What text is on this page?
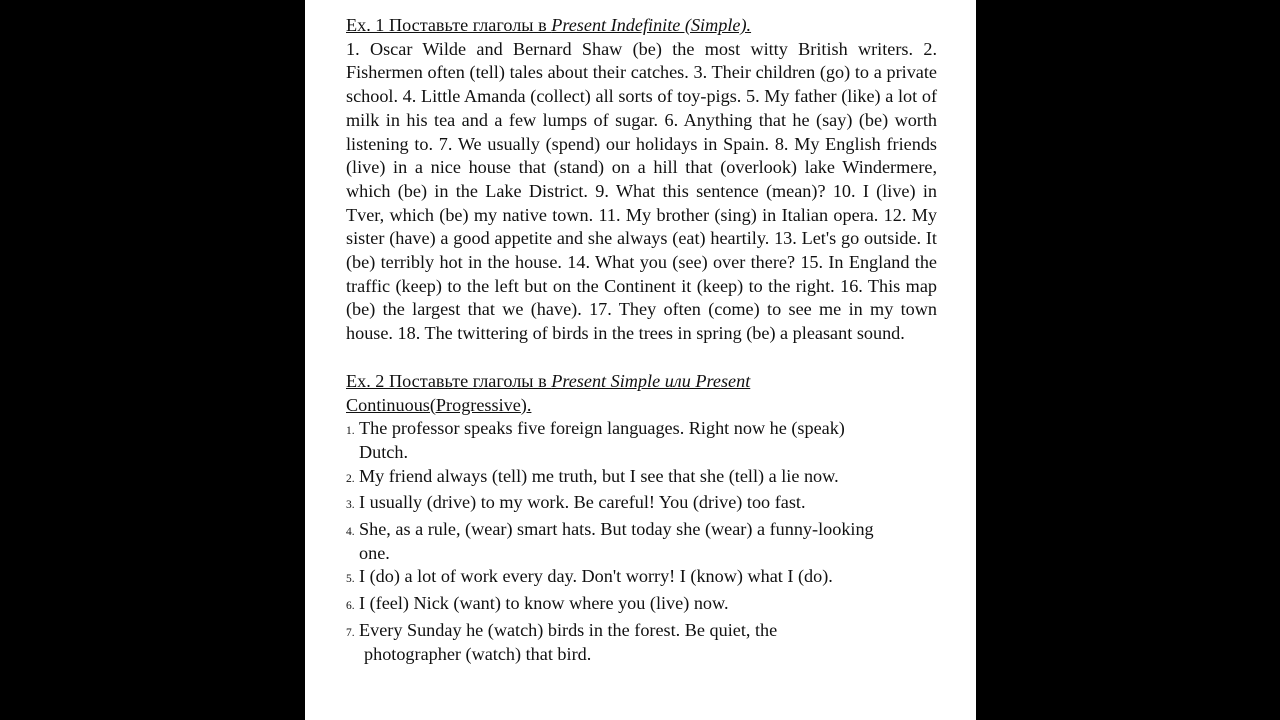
Ex. 1 Поставьте глаголы в Present Indefinite (Simple).

1. Oscar Wilde and Bernard Shaw (be) the most witty British writers. 2. Fishermen often (tell) tales about their catches. 3. Their children (go) to a private school. 4. Little Amanda (collect) all sorts of toy-pigs. 5. My father (like) a lot of milk in his tea and a few lumps of sugar. 6. Anything that he (say) (be) worth listening to. 7. We usually (spend) our holidays in Spain. 8. My English friends (live) in a nice house that (stand) on a hill that (overlook) lake Windermere, which (be) in the Lake District. 9. What this sentence (mean)? 10. I (live) in Tver, which (be) my native town. 11. My brother (sing) in Italian opera. 12. My sister (have) a good appetite and she always (eat) heartily. 13. Let's go outside. It (be) terribly hot in the house. 14. What you (see) over there? 15. In England the traffic (keep) to the left but on the Continent it (keep) to the right. 16. This map (be) the largest that we (have). 17. They often (come) to see me in my town house. 18. The twittering of birds in the trees in spring (be) a pleasant sound.

Ex. 2 Поставьте глаголы в Present Simple или Present
Continuous(Progressive).
1. The professor speaks five foreign languages. Right now he (speak)
Dutch.
2. My friend always (tell) me truth, but I see that she (tell) a lie now.
3. I usually (drive) to my work. Be careful! You (drive) too fast.
4. She, as a rule, (wear) smart hats. But today she (wear) a funny-looking
one.
5. I (do) a lot of work every day. Don't worry! I (know) what I (do).
6. I (feel) Nick (want) to know where you (live) now.
7. Every Sunday he (watch) birds in the forest. Be quiet, the
photographer (watch) that bird.
